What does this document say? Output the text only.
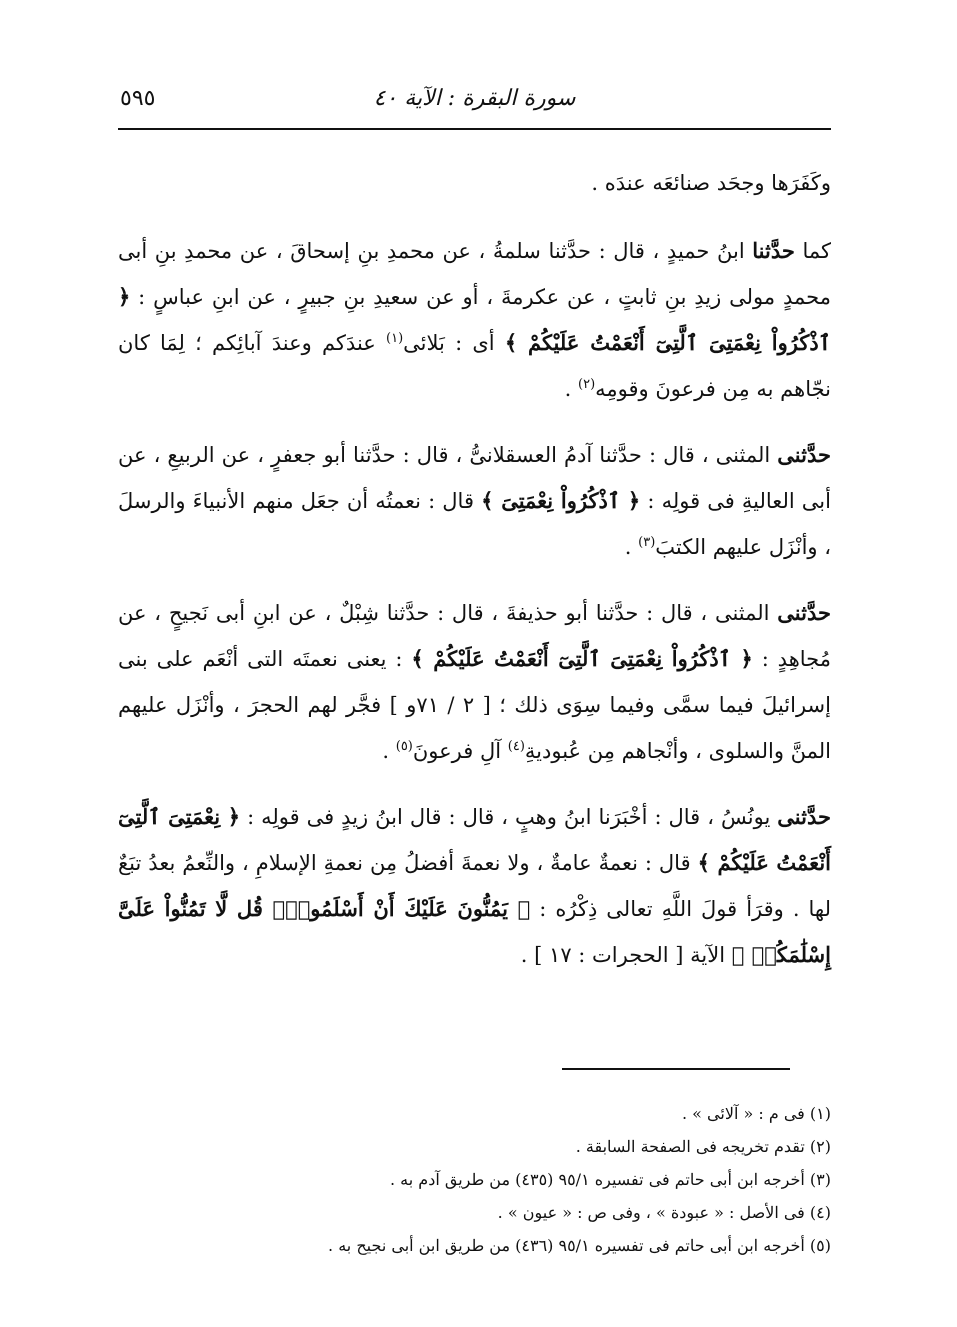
سورة البقرة : الآية ٤٠
٥٩٥

وكَفَرَها وجحَد صنائعَه عندَه .

كما حدَّثنا ابنُ حميدٍ ، قال : حدَّثنا سلمةُ ، عن محمدِ بنِ إسحاقَ ، عن محمدِ بنِ أبى محمدٍ مولى زيدِ بنِ ثابتٍ ، عن عكرمةَ ، أو عن سعيدِ بنِ جبيرٍ ، عن ابنِ عباسٍ : ﴿ ٱذْكُرُواْ نِعْمَتِىَ ٱلَّتِىٓ أَنْعَمْتُ عَلَيْكُمْ ﴾ أى : بَلائى$^{(١)}$ عندَكم وعندَ آبائِكم ؛ لِمَا كان نجّاهم به مِن فرعونَ وقومِه$^{(٢)}$ .

حدَّثنى المثنى ، قال : حدَّثنا آدمُ العسقلانىُّ ، قال : حدَّثنا أبو جعفرٍ ، عن الربيعِ ، عن أبى العاليةِ فى قولِه : ﴿ ٱذْكُرُواْ نِعْمَتِىَ ﴾ قال : نعمتُه أن جعَل منهم الأنبياءَ والرسلَ ، وأنْزَل عليهم الكتبَ$^{(٣)}$ .

حدَّثنى المثنى ، قال : حدَّثنا أبو حذيفةَ ، قال : حدَّثنا شِبْلٌ ، عن ابنِ أبى نَجيحٍ ، عن مُجاهِدٍ : ﴿ ٱذْكُرُواْ نِعْمَتِىَ ٱلَّتِىٓ أَنْعَمْتُ عَلَيْكُمْ ﴾ : يعنى نعمتَه التى أنْعَم على بنى إسرائيلَ فيما سمَّى وفيما سِوَى ذلك ؛ [ ٢ / ٧١و ] فجَّر لهم الحجرَ ، وأنْزَل عليهم المنَّ والسلوى ، وأنْجاهم مِن عُبوديةِ$^{(٤)}$ آلِ فرعونَ$^{(٥)}$ .

حدَّثنى يونُسُ ، قال : أخْبَرَنا ابنُ وهبٍ ، قال : قال ابنُ زيدٍ فى قولِه : ﴿ نِعْمَتِىَ ٱلَّتِىٓ أَنْعَمْتُ عَلَيْكُمْ ﴾ قال : نعمةٌ عامةٌ ، ولا نعمةَ أفضلُ مِن نعمةِ الإسلامِ ، والنِّعمُ بعدُ تبَعٌ لها . وقرَأ قولَ اللَّهِ تعالى ذِكْرُه : ﴿ يَمُنُّونَ عَلَيْكَ أَنْ أَسْلَمُواْۖ قُل لَّا تَمُنُّواْ عَلَىَّ إِسْلَٰمَكُمۖ ﴾ الآية [ الحجرات : ١٧ ] .

(١) فى م : « آلائى » .

(٢) تقدم تخريجه فى الصفحة السابقة .

(٣) أخرجه ابن أبى حاتم فى تفسيره ٩٥/١ (٤٣٥) من طريق آدم به .

(٤) فى الأصل : « عبودة » ، وفى ص : « عيون » .

(٥) أخرجه ابن أبى حاتم فى تفسيره ٩٥/١ (٤٣٦) من طريق ابن أبى نجيح به .
